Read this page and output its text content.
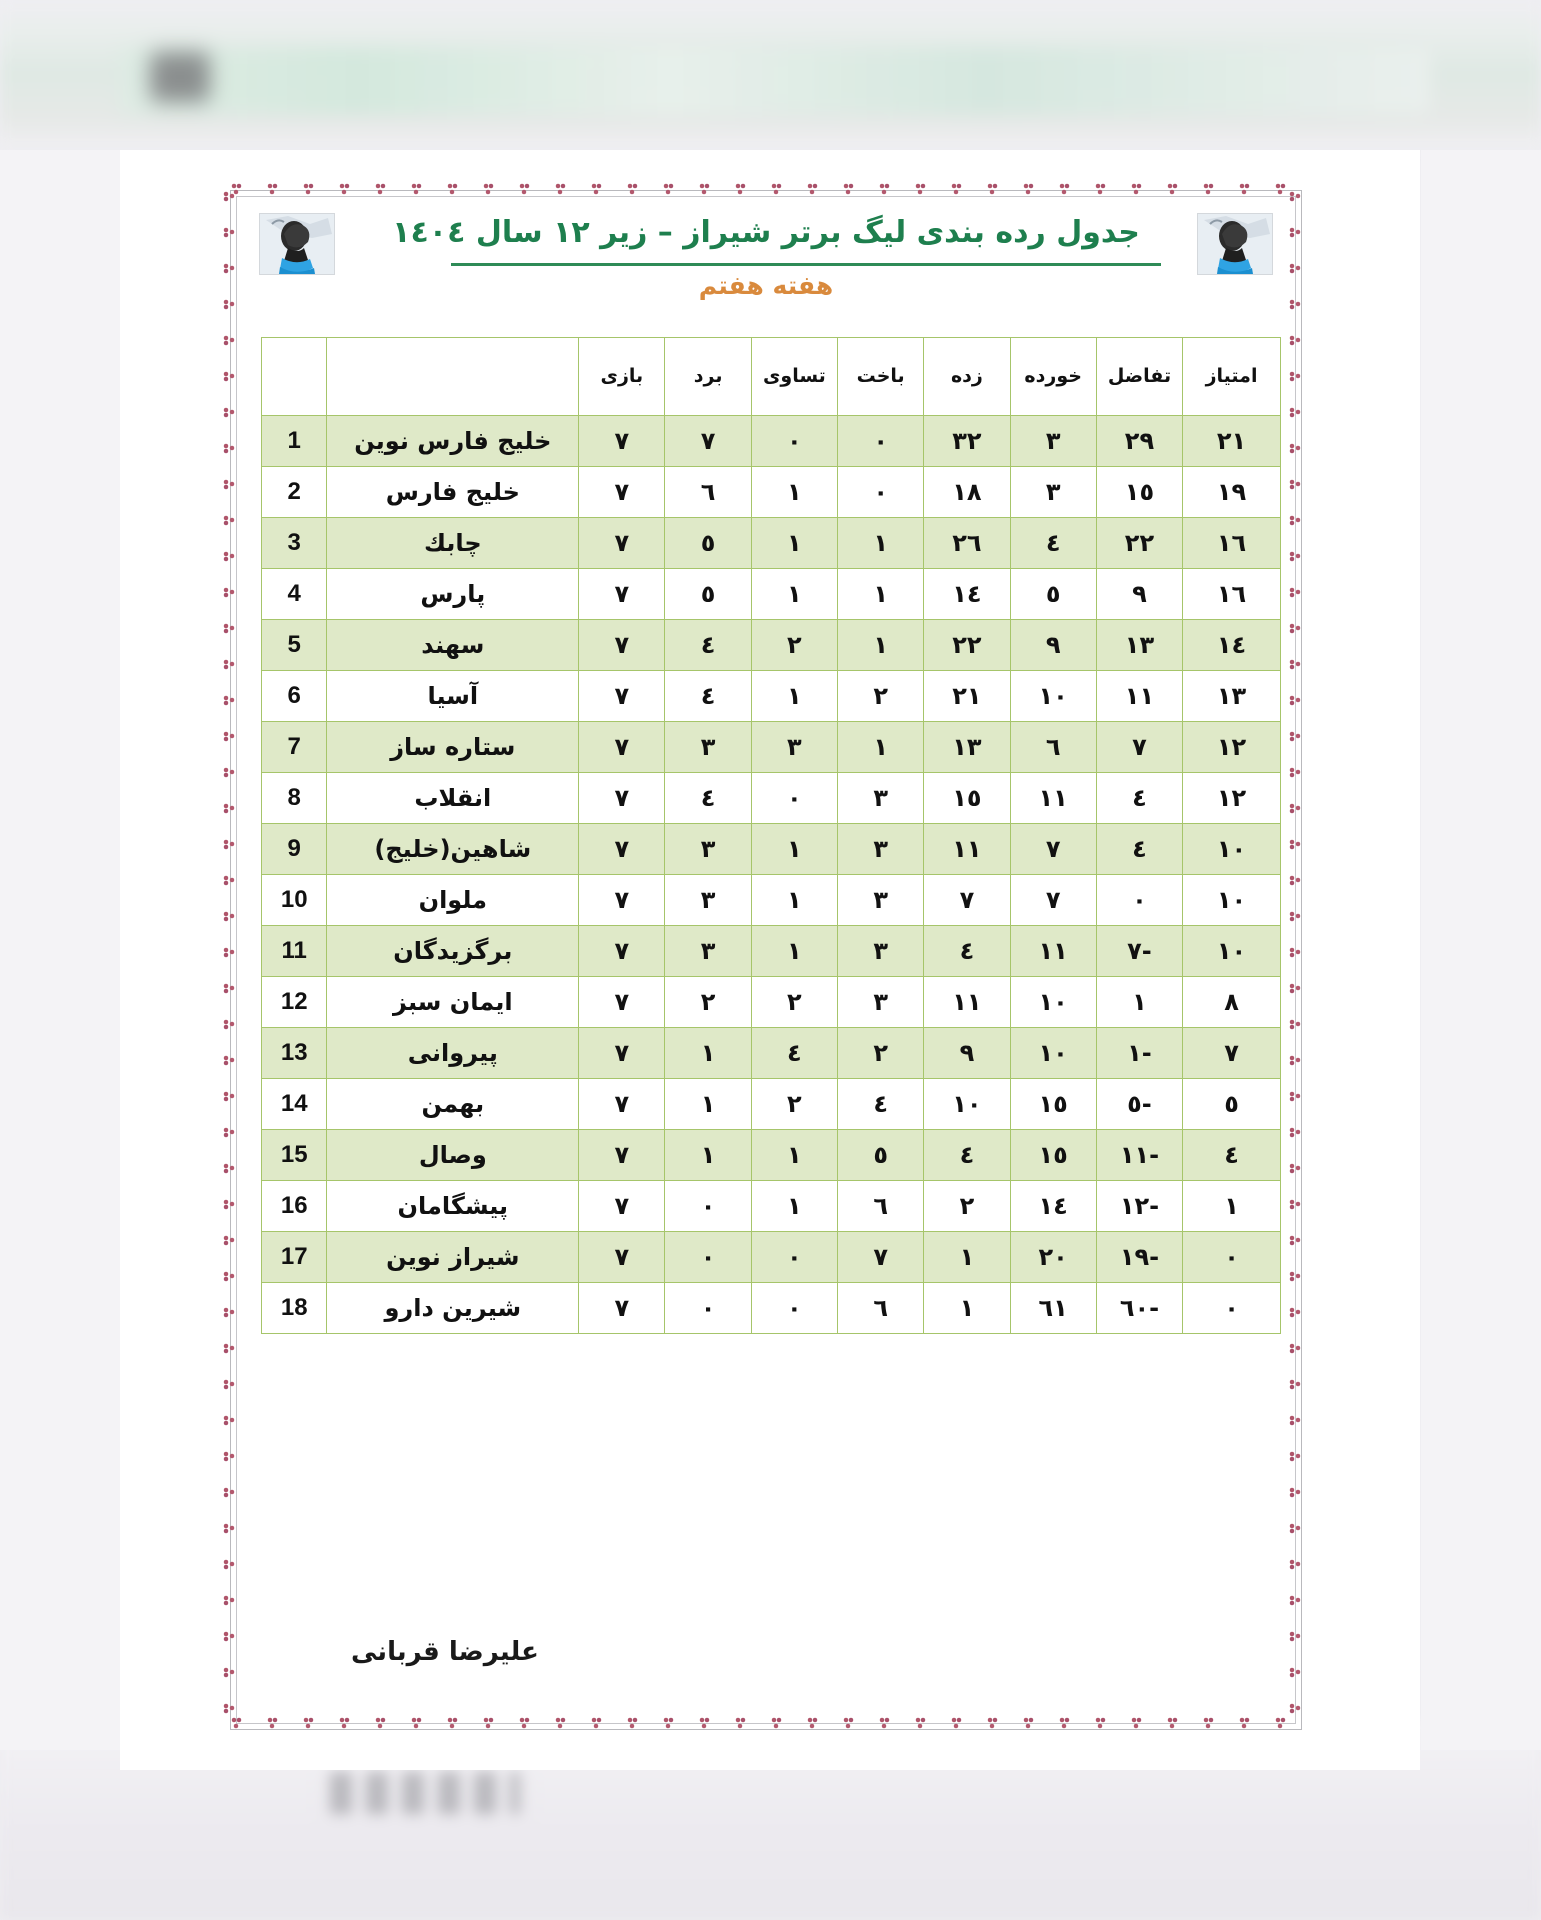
جدول رده بندی لیگ برتر شیراز – زیر ۱۲ سال ۱٤۰٤
هفته هفتم
امتیاز	تفاضل	خورده	زده	باخت	تساوی	برد	بازی		
۲۱	۲۹	۳	۳۲	۰	۰	۷	۷	خلیج فارس نوین	1
۱۹	۱٥	۳	۱۸	۰	۱	٦	۷	خلیج فارس	2
۱٦	۲۲	٤	۲٦	۱	۱	٥	۷	چابك	3
۱٦	۹	٥	۱٤	۱	۱	٥	۷	پارس	4
۱٤	۱۳	۹	۲۲	۱	۲	٤	۷	سهند	5
۱۳	۱۱	۱۰	۲۱	۲	۱	٤	۷	آسیا	6
۱۲	۷	٦	۱۳	۱	۳	۳	۷	ستاره ساز	7
۱۲	٤	۱۱	۱٥	۳	۰	٤	۷	انقلاب	8
۱۰	٤	۷	۱۱	۳	۱	۳	۷	شاهین(خلیج)	9
۱۰	۰	۷	۷	۳	۱	۳	۷	ملوان	10
۱۰	-۷	۱۱	٤	۳	۱	۳	۷	برگزیدگان	11
۸	۱	۱۰	۱۱	۳	۲	۲	۷	ایمان سبز	12
۷	-۱	۱۰	۹	۲	٤	۱	۷	پیروانی	13
٥	-٥	۱٥	۱۰	٤	۲	۱	۷	بهمن	14
٤	-۱۱	۱٥	٤	٥	۱	۱	۷	وصال	15
۱	-۱۲	۱٤	۲	٦	۱	۰	۷	پیشگامان	16
۰	-۱۹	۲۰	۱	۷	۰	۰	۷	شیراز نوین	17
۰	-٦۰	٦۱	۱	٦	۰	۰	۷	شیرین دارو	18
علیرضا قربانی
